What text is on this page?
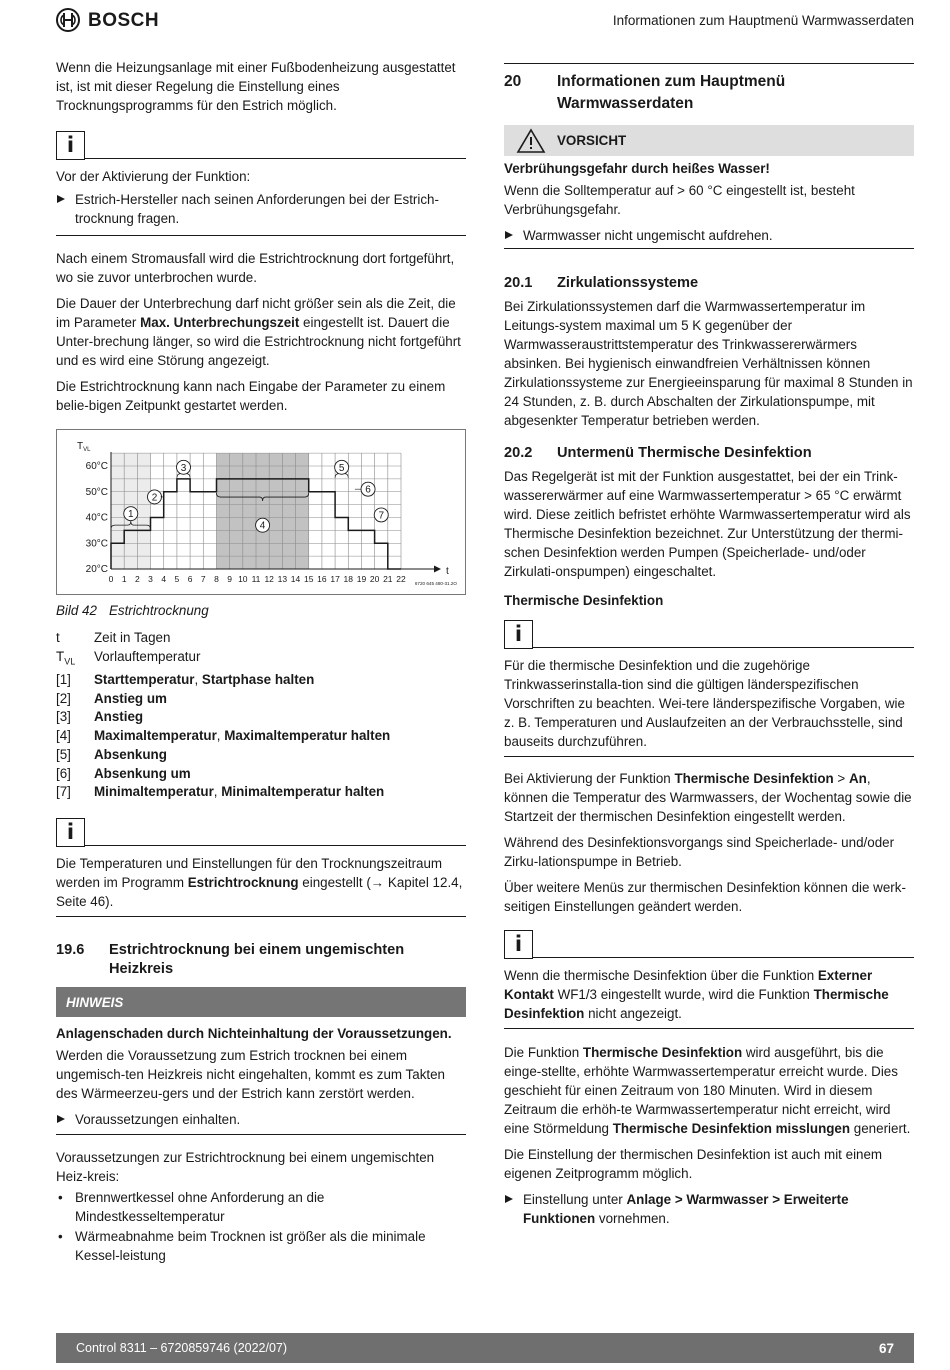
BOSCH	Informationen zum Hauptmenü Warmwasserdaten

Wenn die Heizungsanlage mit einer Fußbodenheizung ausgestattet ist, ist mit dieser Regelung die Einstellung eines Trocknungsprogramms für den Estrich möglich.

i

Vor der Aktivierung der Funktion:

Estrich-Hersteller nach seinen Anforderungen bei der Estrich-trocknung fragen.

Nach einem Stromausfall wird die Estrichtrocknung dort fortgeführt, wo sie zuvor unterbrochen wurde.

Die Dauer der Unterbrechung darf nicht größer sein als die Zeit, die im Parameter Max. Unterbrechungszeit eingestellt ist. Dauert die Unter-brechung länger, so wird die Estrichtrocknung nicht fortgeführt und es wird eine Störung angezeigt.

Die Estrichtrocknung kann nach Eingabe der Parameter zu einem belie-bigen Zeitpunkt gestartet werden.

1
2
3
4
5
6
7
0 1 2 3 4 5 6 7 8 9 10 11 12 13 14 15 16 17 18 19 20 21 22
20°C
30°C
40°C
50°C
60°C
$T_{VL}$
t
6720 645 480-31.2O
Bild 42 Estrichtrocknung
t	Zeit in Tagen
$T_{VL}$	Vorlauftemperatur
[1]	Starttemperatur, Startphase halten
[2]	Anstieg um
[3]	Anstieg
[4]	Maximaltemperatur, Maximaltemperatur halten
[5]	Absenkung
[6]	Absenkung um
[7]	Minimaltemperatur, Minimaltemperatur halten
i

Die Temperaturen und Einstellungen für den Trocknungszeitraum werden im Programm Estrichtrocknung eingestellt (→ Kapitel 12.4, Seite 46).

19.6	Estrichtrocknung bei einem ungemischten Heizkreis
HINWEIS
Anlagenschaden durch Nichteinhaltung der Voraussetzungen.

Werden die Voraussetzung zum Estrich trocknen bei einem ungemisch-ten Heizkreis nicht eingehalten, kommt es zum Takten des Wärmeerzeu-gers und der Estrich kann zerstört werden.

Voraussetzungen einhalten.

Voraussetzungen zur Estrichtrocknung bei einem ungemischten Heiz-kreis:

• Brennwertkessel ohne Anforderung an die Mindestkesseltemperatur
• Wärmeabnahme beim Trocknen ist größer als die minimale Kessel-leistung
20	Informationen zum Hauptmenü
Warmwasserdaten
VORSICHT
Verbrühungsgefahr durch heißes Wasser!

Wenn die Solltemperatur auf > 60 °C eingestellt ist, besteht Verbrühungsgefahr.

Warmwasser nicht ungemischt aufdrehen.
20.1	Zirkulationssysteme

Bei Zirkulationssystemen darf die Warmwassertemperatur im Leitungs-system maximal um 5 K gegenüber der Warmwasseraustrittstemperatur des Trinkwassererwärmers absinken. Bei hygienisch einwandfreien Verhältnissen können Zirkulationssysteme zur Energieeinsparung für maximal 8 Stunden in 24 Stunden, z. B. durch Abschalten der Zirkulationspumpe, mit abgesenkter Temperatur betrieben werden.

20.2	Untermenü Thermische Desinfektion

Das Regelgerät ist mit der Funktion ausgestattet, bei der ein Trink-wassererwärmer auf eine Warmwassertemperatur > 65 °C erwärmt wird. Diese zeitlich befristet erhöhte Warmwassertemperatur wird als Thermische Desinfektion bezeichnet. Zur Unterstützung der thermi-schen Desinfektion werden Pumpen (Speicherlade- und/oder Zirkulati-onspumpen) eingeschaltet.

Thermische Desinfektion
i

Für die thermische Desinfektion und die zugehörige Trinkwasserinstalla-tion sind die gültigen länderspezifischen Vorschriften zu beachten. Wei-tere länderspezifische Vorgaben, wie z. B. Temperaturen und Auslaufzeiten an der Verbrauchsstelle, sind bauseits durchzuführen.

Bei Aktivierung der Funktion Thermische Desinfektion > An, können die Temperatur des Warmwassers, der Wochentag sowie die Startzeit der thermischen Desinfektion eingestellt werden.

Während des Desinfektionsvorgangs sind Speicherlade- und/oder Zirku-lationspumpe in Betrieb.

Über weitere Menüs zur thermischen Desinfektion können die werk-seitigen Einstellungen geändert werden.

i

Wenn die thermische Desinfektion über die Funktion Externer Kontakt WF1/3 eingestellt wurde, wird die Funktion Thermische Desinfektion nicht angezeigt.

Die Funktion Thermische Desinfektion wird ausgeführt, bis die einge-stellte, erhöhte Warmwassertemperatur erreicht wurde. Dies geschieht für einen Zeitraum von 180 Minuten. Wird in diesem Zeitraum die erhöh-te Warmwassertemperatur nicht erreicht, wird eine Störmeldung Thermische Desinfektion misslungen generiert.

Die Einstellung der thermischen Desinfektion ist auch mit einem eigenen Zeitprogramm möglich.

Einstellung unter Anlage > Warmwasser > Erweiterte Funktionen vornehmen.
Control 8311 – 6720859746 (2022/07)	67
